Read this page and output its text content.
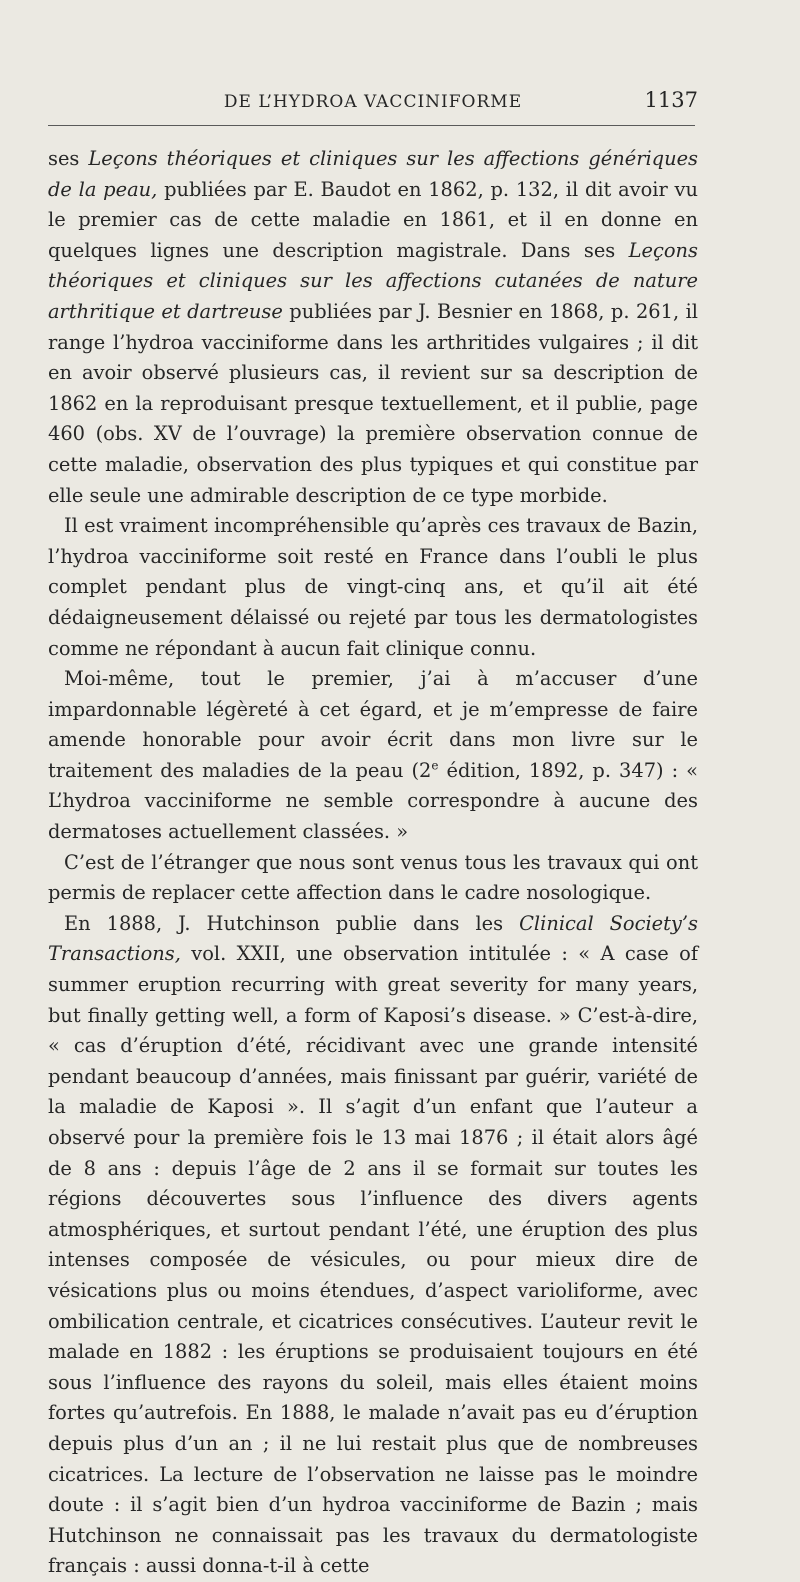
DE L’HYDROA VACCINIFORME	1137

ses Leçons théoriques et cliniques sur les affections génériques de la peau, publiées par E. Baudot en 1862, p. 132, il dit avoir vu le premier cas de cette maladie en 1861, et il en donne en quelques lignes une description magistrale. Dans ses Leçons théoriques et cliniques sur les affections cutanées de nature arthritique et dartreuse publiées par J. Besnier en 1868, p. 261, il range l’hydroa vacciniforme dans les arthritides vulgaires ; il dit en avoir observé plusieurs cas, il revient sur sa description de 1862 en la reproduisant presque textuellement, et il publie, page 460 (obs. XV de l’ouvrage) la première observation connue de cette maladie, observation des plus typiques et qui constitue par elle seule une admirable description de ce type morbide.

Il est vraiment incompréhensible qu’après ces travaux de Bazin, l’hydroa vacciniforme soit resté en France dans l’oubli le plus complet pendant plus de vingt-cinq ans, et qu’il ait été dédaigneusement délaissé ou rejeté par tous les dermatologistes comme ne répondant à aucun fait clinique connu.

Moi-même, tout le premier, j’ai à m’accuser d’une impardonnable légèreté à cet égard, et je m’empresse de faire amende honorable pour avoir écrit dans mon livre sur le traitement des maladies de la peau (2e édition, 1892, p. 347) : « L’hydroa vacciniforme ne semble correspondre à aucune des dermatoses actuellement classées. »

C’est de l’étranger que nous sont venus tous les travaux qui ont permis de replacer cette affection dans le cadre nosologique.

En 1888, J. Hutchinson publie dans les Clinical Society’s Transactions, vol. XXII, une observation intitulée : « A case of summer eruption recurring with great severity for many years, but finally getting well, a form of Kaposi’s disease. » C’est-à-dire, « cas d’éruption d’été, récidivant avec une grande intensité pendant beaucoup d’années, mais finissant par guérir, variété de la maladie de Kaposi ». Il s’agit d’un enfant que l’auteur a observé pour la première fois le 13 mai 1876 ; il était alors âgé de 8 ans : depuis l’âge de 2 ans il se formait sur toutes les régions découvertes sous l’influence des divers agents atmosphériques, et surtout pendant l’été, une éruption des plus intenses composée de vésicules, ou pour mieux dire de vésications plus ou moins étendues, d’aspect varioliforme, avec ombilication centrale, et cicatrices consécutives. L’auteur revit le malade en 1882 : les éruptions se produisaient toujours en été sous l’influence des rayons du soleil, mais elles étaient moins fortes qu’autrefois. En 1888, le malade n’avait pas eu d’éruption depuis plus d’un an ; il ne lui restait plus que de nombreuses cicatrices. La lecture de l’observation ne laisse pas le moindre doute : il s’agit bien d’un hydroa vacciniforme de Bazin ; mais Hutchinson ne connaissait pas les travaux du dermatologiste français : aussi donna-t-il à cette
